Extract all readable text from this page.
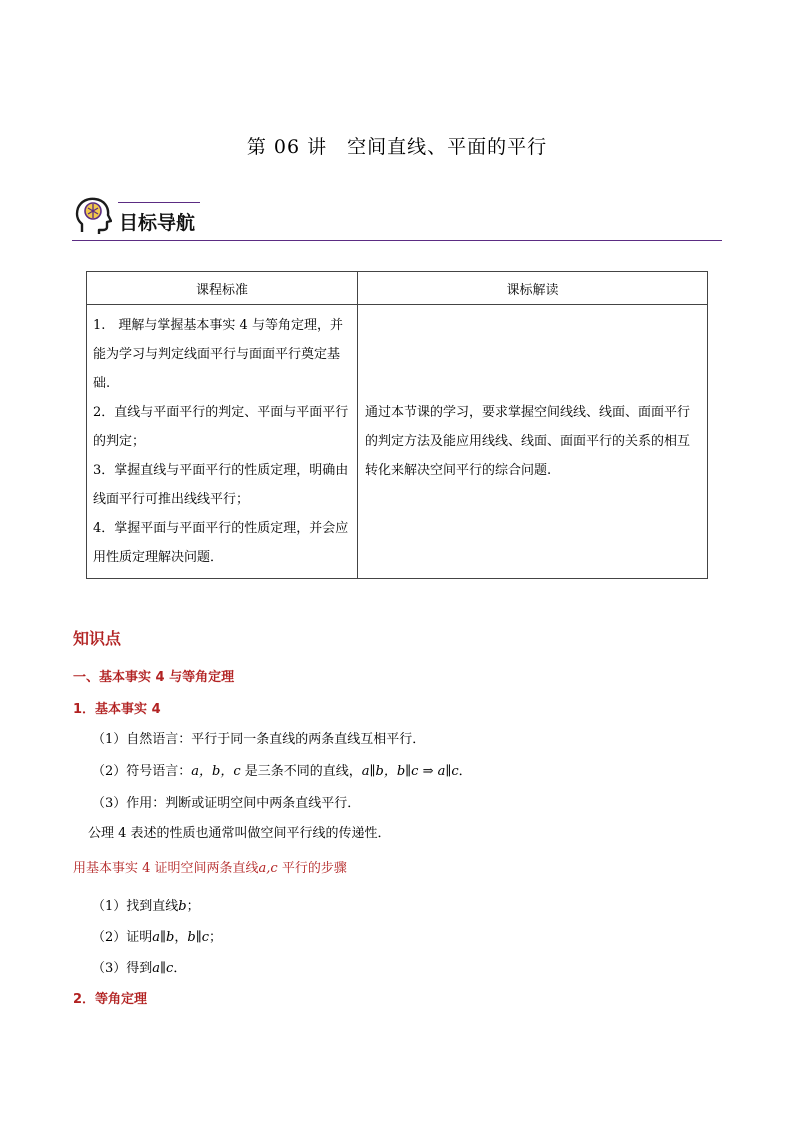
第 06 讲　空间直线、平面的平行
目标导航
课程标准	课标解读

1.　理解与掌握基本事实 4 与等角定理，并能为学习与判定线面平行与面面平行奠定基础.
2．直线与平面平行的判定、平面与平面平行的判定；
3．掌握直线与平面平行的性质定理，明确由线面平行可推出线线平行；
4．掌握平面与平面平行的性质定理，并会应用性质定理解决问题．	通过本节课的学习，要求掌握空间线线、线面、面面平行的判定方法及能应用线线、线面、面面平行的关系的相互转化来解决空间平行的综合问题.
知识点
一、基本事实 4 与等角定理
1．基本事实 4
（1）自然语言：平行于同一条直线的两条直线互相平行．
（2）符号语言：a，b，c 是三条不同的直线，a∥b，b∥c ⇒ a∥c．
（3）作用：判断或证明空间中两条直线平行．
公理 4 表述的性质也通常叫做空间平行线的传递性．
用基本事实 4 证明空间两条直线a,c 平行的步骤
（1）找到直线b；
（2）证明a∥b，b∥c；
（3）得到a∥c．
2．等角定理
